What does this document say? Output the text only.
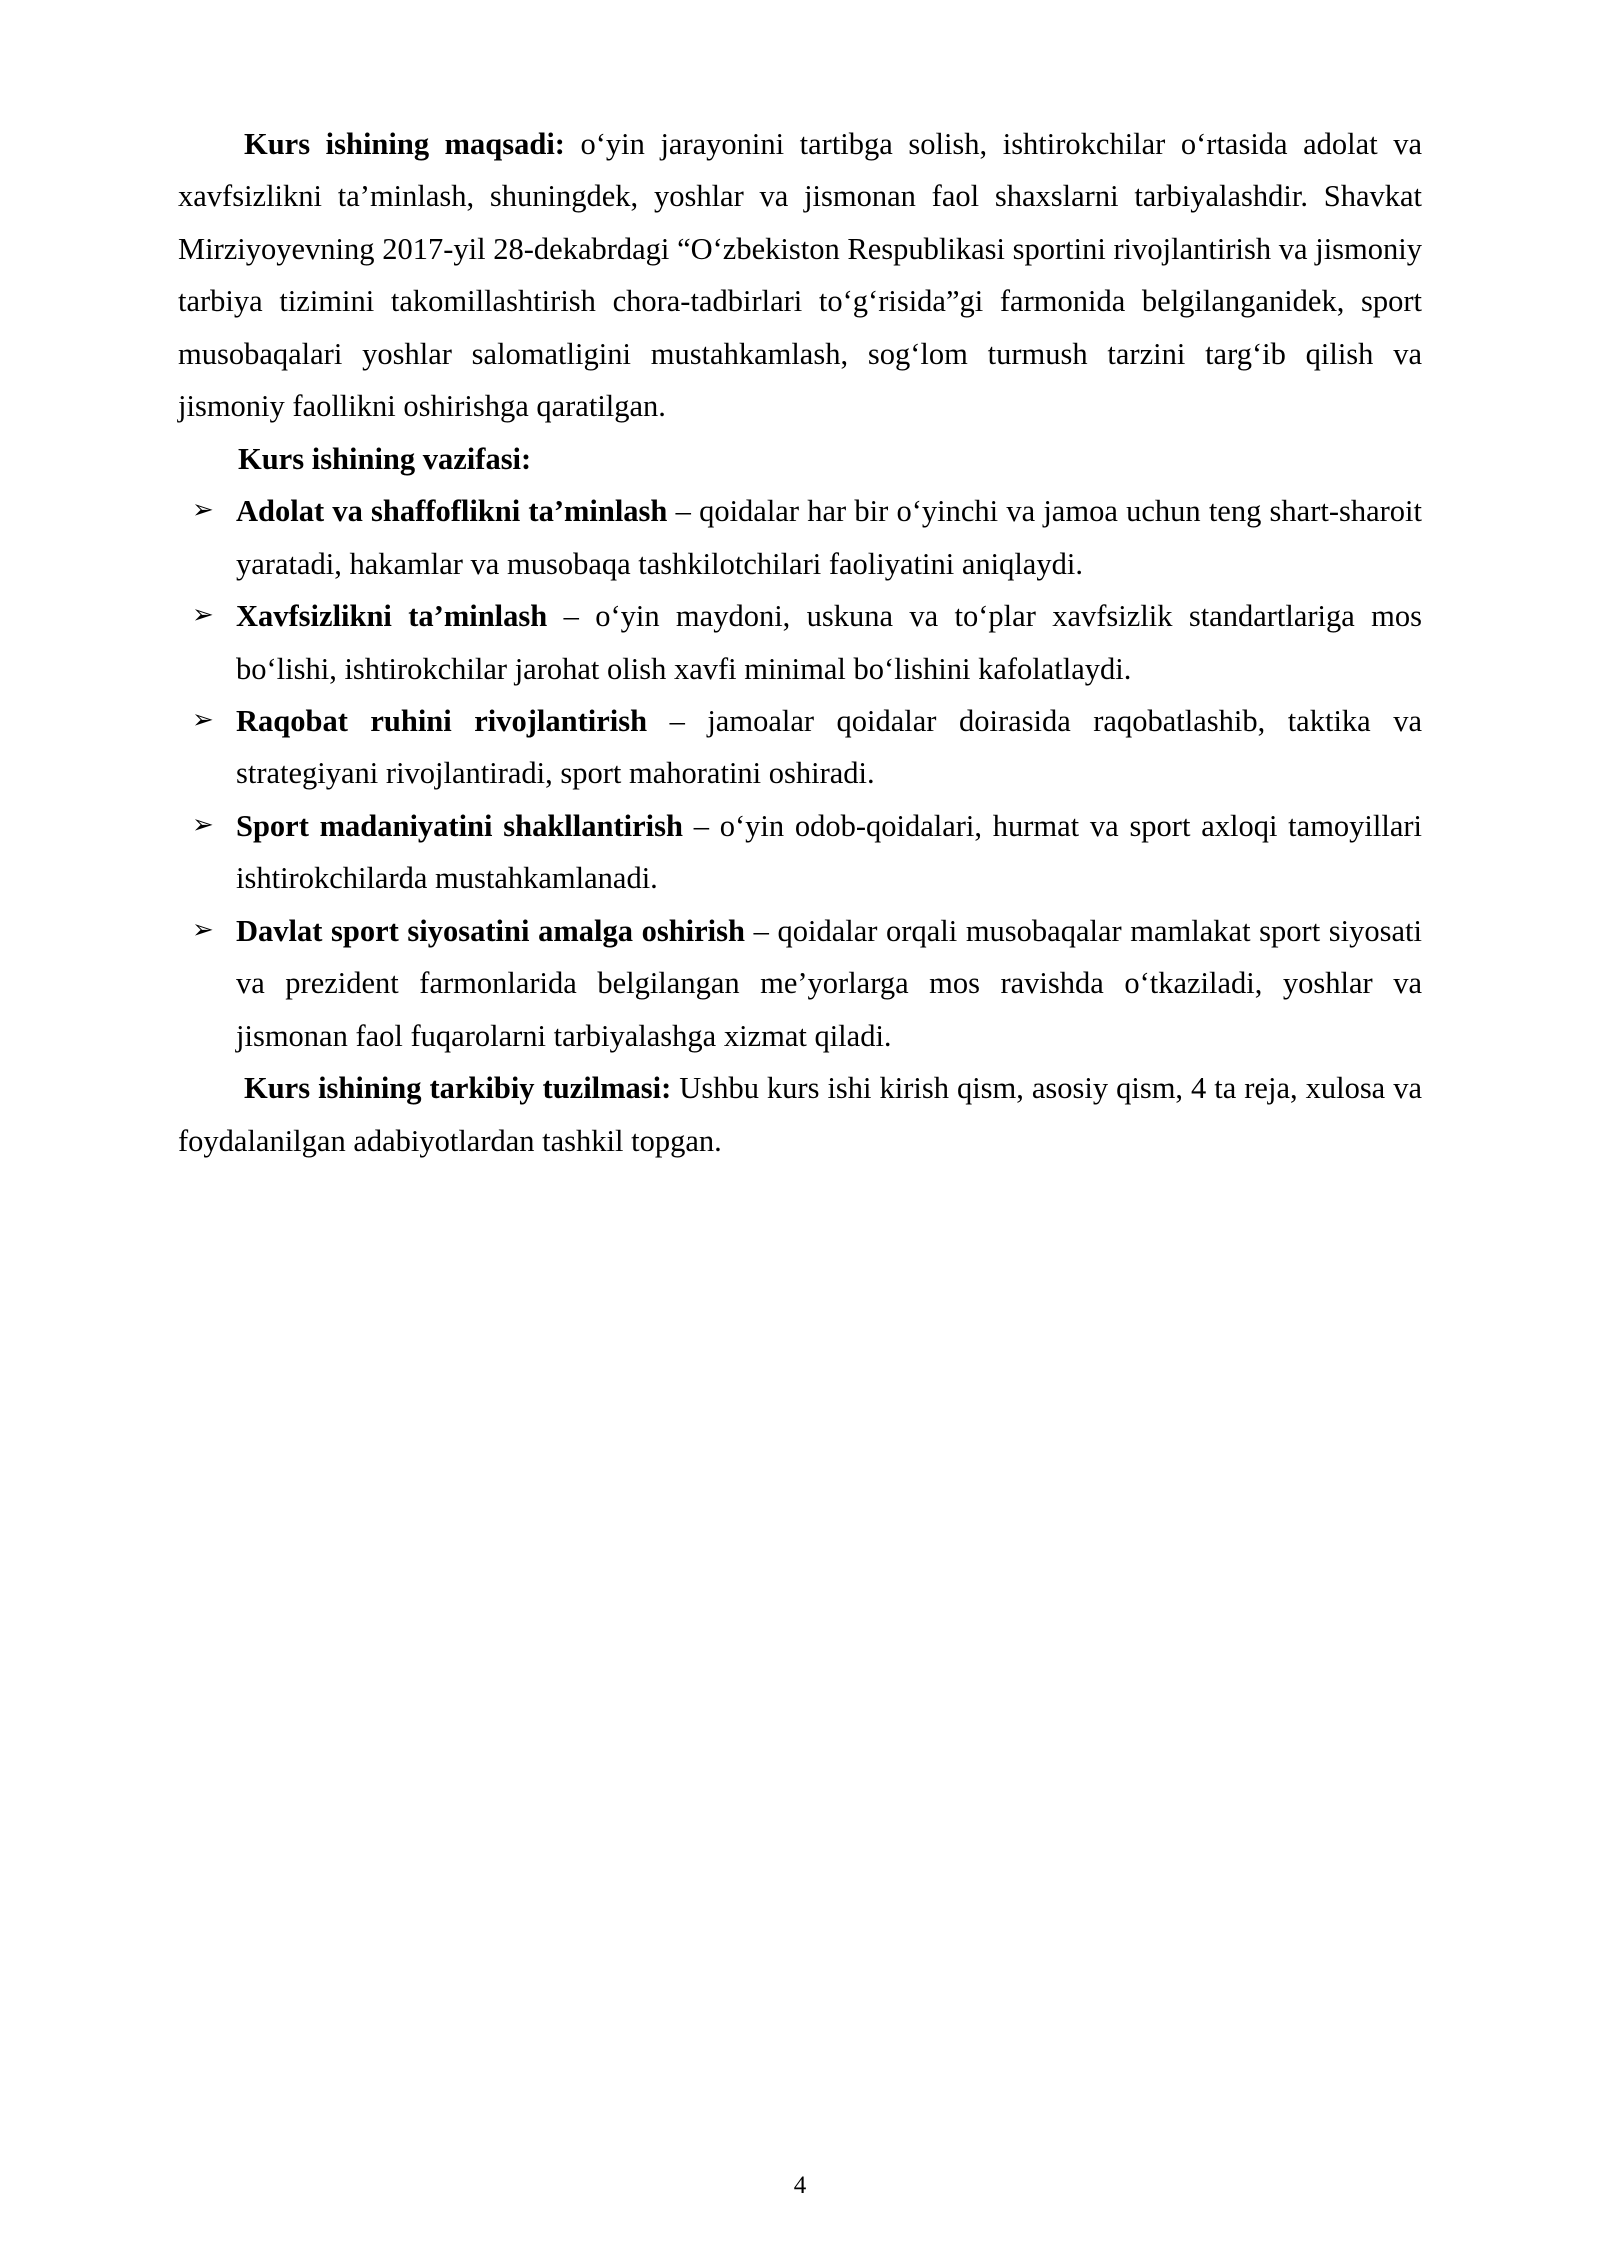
Kurs ishining maqsadi: o‘yin jarayonini tartibga solish, ishtirokchilar o‘rtasida adolat va xavfsizlikni ta’minlash, shuningdek, yoshlar va jismonan faol shaxslarni tarbiyalashdir. Shavkat Mirziyoyevning 2017-yil 28-dekabrdagi “O‘zbekiston Respublikasi sportini rivojlantirish va jismoniy tarbiya tizimini takomillashtirish chora-tadbirlari to‘g‘risida”gi farmonida belgilanganidek, sport musobaqalari yoshlar salomatligini mustahkamlash, sog‘lom turmush tarzini targ‘ib qilish va jismoniy faollikni oshirishga qaratilgan.

Kurs ishining vazifasi:

➢ Adolat va shaffoflikni ta’minlash – qoidalar har bir o‘yinchi va jamoa uchun teng shart-sharoit yaratadi, hakamlar va musobaqa tashkilotchilari faoliyatini aniqlaydi.

➢ Xavfsizlikni ta’minlash – o‘yin maydoni, uskuna va to‘plar xavfsizlik standartlariga mos bo‘lishi, ishtirokchilar jarohat olish xavfi minimal bo‘lishini kafolatlaydi.

➢ Raqobat ruhini rivojlantirish – jamoalar qoidalar doirasida raqobatlashib, taktika va strategiyani rivojlantiradi, sport mahoratini oshiradi.

➢ Sport madaniyatini shakllantirish – o‘yin odob-qoidalari, hurmat va sport axloqi tamoyillari ishtirokchilarda mustahkamlanadi.

➢ Davlat sport siyosatini amalga oshirish – qoidalar orqali musobaqalar mamlakat sport siyosati va prezident farmonlarida belgilangan me’yorlarga mos ravishda o‘tkaziladi, yoshlar va jismonan faol fuqarolarni tarbiyalashga xizmat qiladi.

Kurs ishining tarkibiy tuzilmasi: Ushbu kurs ishi kirish qism, asosiy qism, 4 ta reja, xulosa va foydalanilgan adabiyotlardan tashkil topgan.

4
